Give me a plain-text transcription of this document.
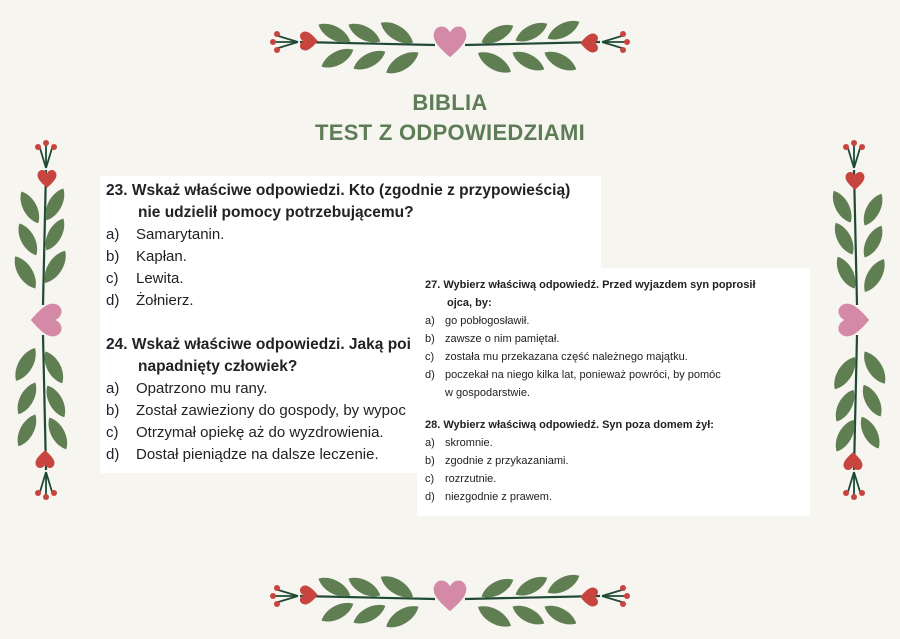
BIBLIA
TEST Z ODPOWIEDZIAMI
23. Wskaż właściwe odpowiedzi. Kto (zgodnie z przypowieścią)
nie udzielił pomocy potrzebującemu?
a)	Samarytanin.
b)	Kapłan.
c)	Lewita.
d)	Żołnierz.
24. Wskaż właściwe odpowiedzi. Jaką poi
napadnięty człowiek?
a)	Opatrzono mu rany.
b)	Został zawieziony do gospody, by wypoc
c)	Otrzymał opiekę aż do wyzdrowienia.
d)	Dostał pieniądze na dalsze leczenie.
27. Wybierz właściwą odpowiedź. Przed wyjazdem syn poprosił
ojca, by:
a) go pobłogosławił.
b) zawsze o nim pamiętał.
c) została mu przekazana część należnego majątku.
d) poczekał na niego kilka lat, ponieważ powróci, by pomóc
w gospodarstwie.
28. Wybierz właściwą odpowiedź. Syn poza domem żył:
a) skromnie.
b) zgodnie z przykazaniami.
c) rozrzutnie.
d) niezgodnie z prawem.
